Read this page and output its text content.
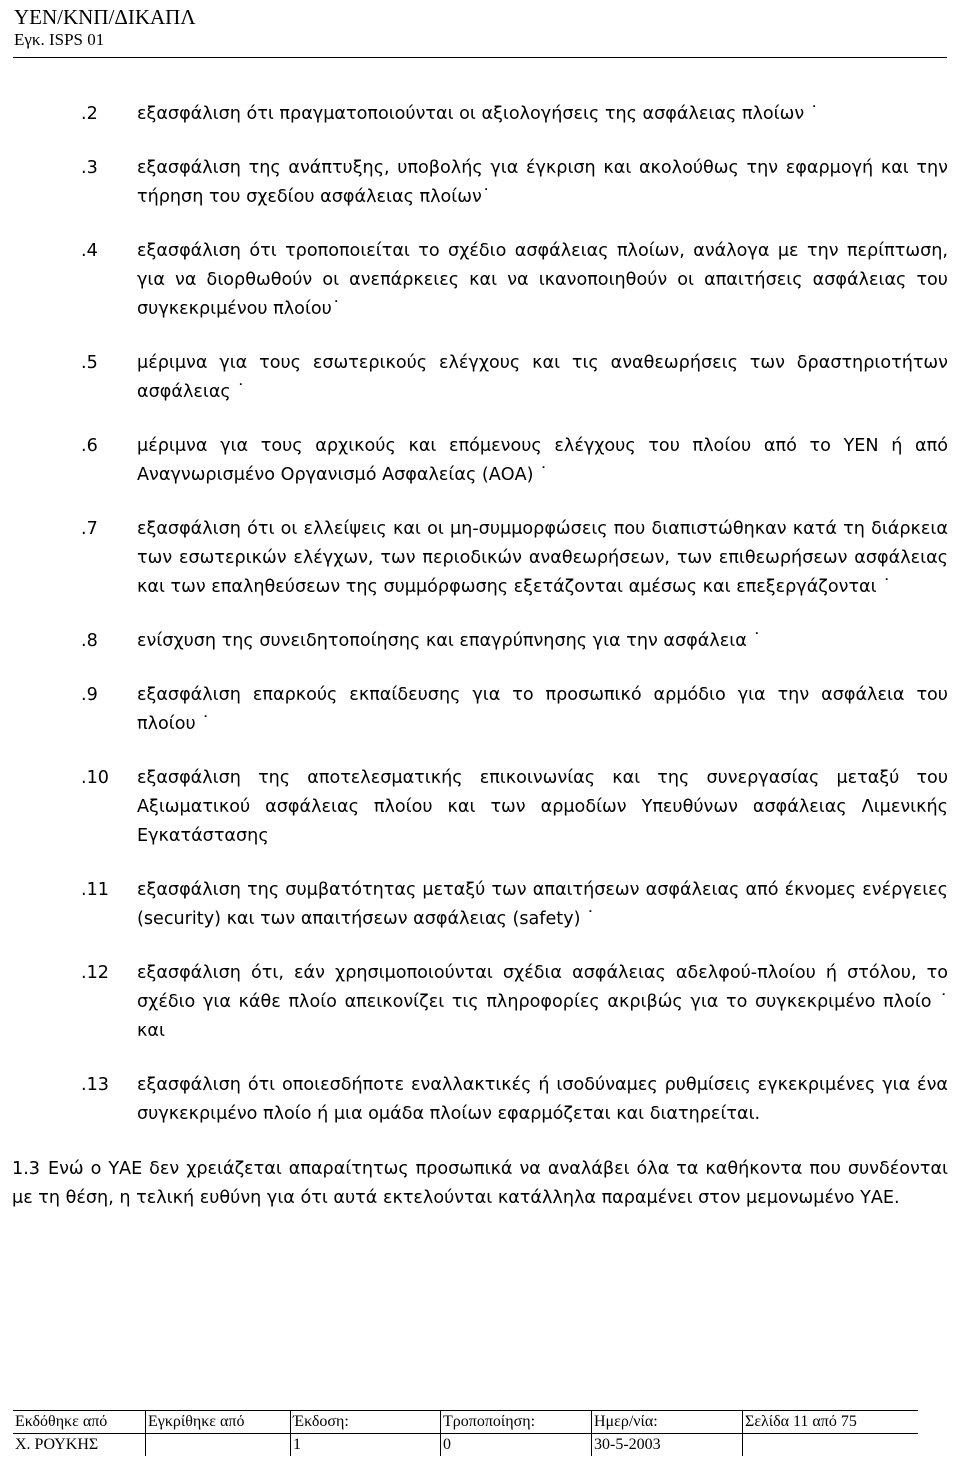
ΥΕΝ/ΚΝΠ/ΔΙΚΑΠΛ
Εγκ. ISPS 01
.2 εξασφάλιση ότι πραγματοποιούνται οι αξιολογήσεις της ασφάλειας πλοίων ˙
.3 εξασφάλιση της ανάπτυξης, υποβολής για έγκριση και ακολούθως την εφαρμογή και την τήρηση του σχεδίου ασφάλειας πλοίων˙
.4 εξασφάλιση ότι τροποποιείται το σχέδιο ασφάλειας πλοίων, ανάλογα με την περίπτωση, για να διορθωθούν οι ανεπάρκειες και να ικανοποιηθούν οι απαιτήσεις ασφάλειας του συγκεκριμένου πλοίου˙
.5 μέριμνα για τους εσωτερικούς ελέγχους και τις αναθεωρήσεις των δραστηριοτήτων ασφάλειας ˙
.6 μέριμνα για τους αρχικούς και επόμενους ελέγχους του πλοίου από το ΥΕΝ ή από Αναγνωρισμένο Οργανισμό Ασφαλείας (ΑΟΑ) ˙
.7 εξασφάλιση ότι οι ελλείψεις και οι μη-συμμορφώσεις που διαπιστώθηκαν κατά τη διάρκεια των εσωτερικών ελέγχων, των περιοδικών αναθεωρήσεων, των επιθεωρήσεων ασφάλειας και των επαληθεύσεων της συμμόρφωσης εξετάζονται αμέσως και επεξεργάζονται ˙
.8 ενίσχυση της συνειδητοποίησης και επαγρύπνησης για την ασφάλεια ˙
.9 εξασφάλιση επαρκούς εκπαίδευσης για το προσωπικό αρμόδιο για την ασφάλεια του πλοίου ˙
.10 εξασφάλιση της αποτελεσματικής επικοινωνίας και της συνεργασίας μεταξύ του Αξιωματικού ασφάλειας πλοίου και των αρμοδίων Υπευθύνων ασφάλειας Λιμενικής Εγκατάστασης
.11 εξασφάλιση της συμβατότητας μεταξύ των απαιτήσεων ασφάλειας από έκνομες ενέργειες (security) και των απαιτήσεων ασφάλειας (safety) ˙
.12 εξασφάλιση ότι, εάν χρησιμοποιούνται σχέδια ασφάλειας αδελφού-πλοίου ή στόλου, το σχέδιο για κάθε πλοίο απεικονίζει τις πληροφορίες ακριβώς για το συγκεκριμένο πλοίο ˙ και
.13 εξασφάλιση ότι οποιεσδήποτε εναλλακτικές ή ισοδύναμες ρυθμίσεις εγκεκριμένες για ένα συγκεκριμένο πλοίο ή μια ομάδα πλοίων εφαρμόζεται και διατηρείται.
1.3 Ενώ ο ΥΑΕ δεν χρειάζεται απαραίτητως προσωπικά να αναλάβει όλα τα καθήκοντα που συνδέονται με τη θέση, η τελική ευθύνη για ότι αυτά εκτελούνται κατάλληλα παραμένει στον μεμονωμένο ΥΑΕ.
Εκδόθηκε από	Εγκρίθηκε από	Έκδοση:	Τροποποίηση:	Ημερ/νία:	Σελίδα 11 από 75
Χ. ΡΟΥΚΗΣ		1	0	30-5-2003	
